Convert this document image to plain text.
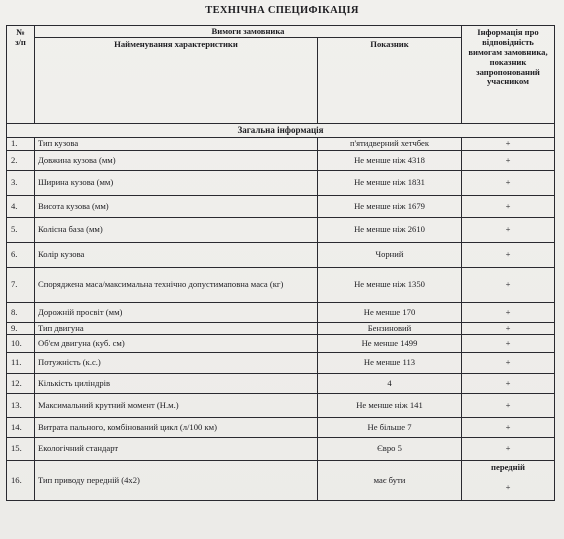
ТЕХНІЧНА СПЕЦИФІКАЦІЯ
№
з/п	Вимоги замовника		Інформація про відповідність вимогам замовника, показник запропонований учасником
	Найменування характеристики	Показник	
Загальна інформація			
1.	Тип кузова	п'ятидверний хетчбек	+
2.	Довжина кузова (мм)	Не менше ніж 4318	+
3.	Ширина кузова (мм)	Не менше ніж 1831	+
4.	Висота кузова (мм)	Не менше ніж 1679	+
5.	Колісна база (мм)	Не менше ніж 2610	+
6.	Колір кузова	Чорний	+
7.	Споряджена маса/максимальна технічно допустимаповна маса (кг)	Не менше ніж 1350	+
8.	Дорожній просвіт (мм)	Не менше 170	+
9.	Тип двигуна	Бензиновий	+
10.	Об'єм двигуна (куб. см)	Не менше 1499	+
11.	Потужність (к.с.)	Не менше 113	+
12.	Кількість циліндрів	4	+
13.	Максимальний крутний момент (Н.м.)	Не менше ніж 141	+
14.	Витрата пального, комбінований цикл (л/100 км)	Не більше 7	+
15.	Екологічний стандарт	Євро 5	+
16.	Тип приводу передній (4х2)	має бути	передній
+
